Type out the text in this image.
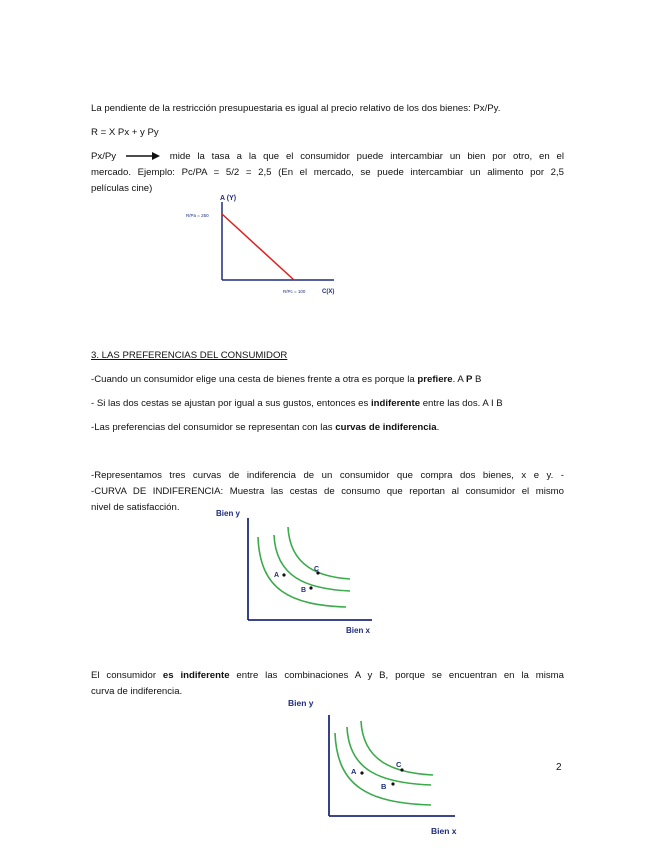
La pendiente de la restricción presupuestaria es igual al precio relativo de los dos bienes: Px/Py.

R = X Px + y Py

Px/Py	mide la tasa a la que el consumidor puede intercambiar un bien por otro, en el

mercado. Ejemplo: Pc/PA = 5/2 = 2,5 (En el mercado, se puede intercambiar un alimento por 2,5

películas cine)

A (Y)
R/Pa = 250
R/Pc = 100	C(X)

3. LAS PREFERENCIAS DEL CONSUMIDOR

-Cuando un consumidor elige una cesta de bienes frente a otra es porque la prefiere. A P B

- Si las dos cestas se ajustan por igual a sus gustos, entonces es indiferente entre las dos. A I B

-Las preferencias del consumidor se representan con las curvas de indiferencia.

-Representamos tres curvas de indiferencia de un consumidor que compra dos bienes, x e y. -

-CURVA DE INDIFERENCIA: Muestra las cestas de consumo que reportan al consumidor el mismo

nivel de satisfacción.

Bien y
Bien x
A
B
C

El consumidor es indiferente entre las combinaciones A y B, porque se encuentran en la misma

curva de indiferencia.

Bien y
Bien x
A
B
C	2
